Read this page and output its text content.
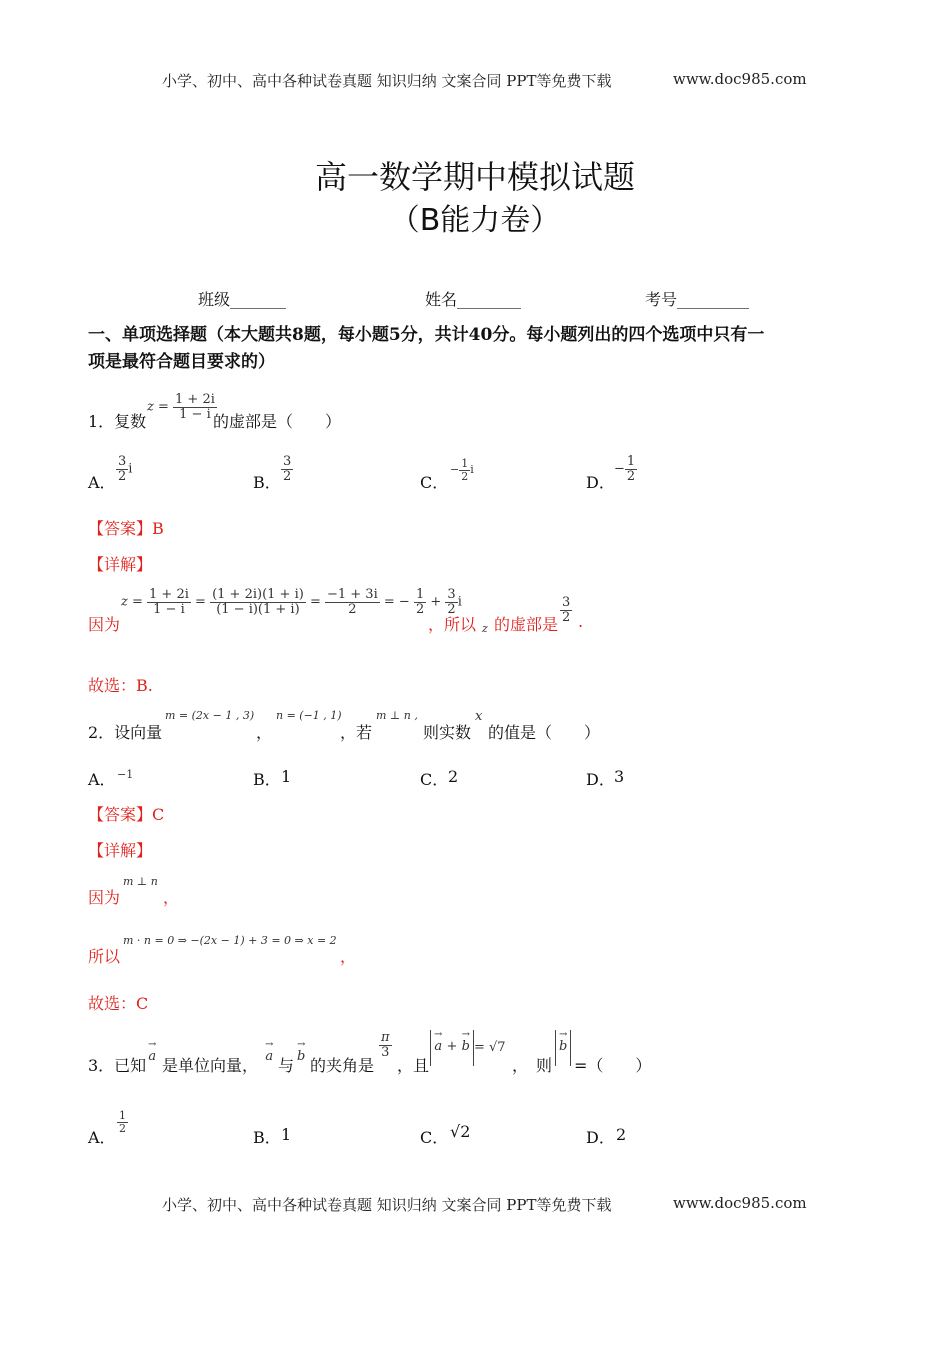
小学、初中、高中各种试卷真题 知识归纳 文案合同 PPT等免费下载	www.doc985.com
高一数学期中模拟试题
（B能力卷）
班级_______	姓名________	考号_________
一、单项选择题（本大题共8题，每小题5分，共计40分。每小题列出的四个选项中只有一
项是最符合题目要求的）
1．复数
$z = \frac{1 + 2i}{1 - i}$
的虚部是（　　）
A． $\frac{3}{2}$ i
B． $\frac{3}{2}$	C．
− $\frac{1}{2}$ i
D．
− $\frac{1}{2}$
【答案】B
【详解】
因为
$z = \frac{1 + 2i}{1 - i} = \frac{(1 + 2i)(1 + i)}{(1 - i)(1 + i)} = \frac{-1 + 3i}{2}$ = − $\frac{1}{2} + \frac{3}{2}$ i
，所以 z 的虚部是
$\frac{3}{2}$ .
故选：B.
2．设向量
m = (2x − 1 , 3)
，
n = (−1 , 1)
，若
m ⊥ n ,
则实数
x
的值是（　　）
A． −1	B． 1	C． 2	D． 3
【答案】C
【详解】
因为
m ⊥ n
，
所以
m · n = 0 ⇒ −(2x − 1) + 3 = 0 ⇒ x = 2
，
故选：C
3．已知
→
a 是单位向量，
→
a 与
→
b 的夹角是
$\frac{\pi}{3}$
，且
→
a +
→
b = √7
，　则
→
b
=（　　）
A．
$\frac{1}{2}$
B． 1	C． √2	D． 2
小学、初中、高中各种试卷真题 知识归纳 文案合同 PPT等免费下载	www.doc985.com
